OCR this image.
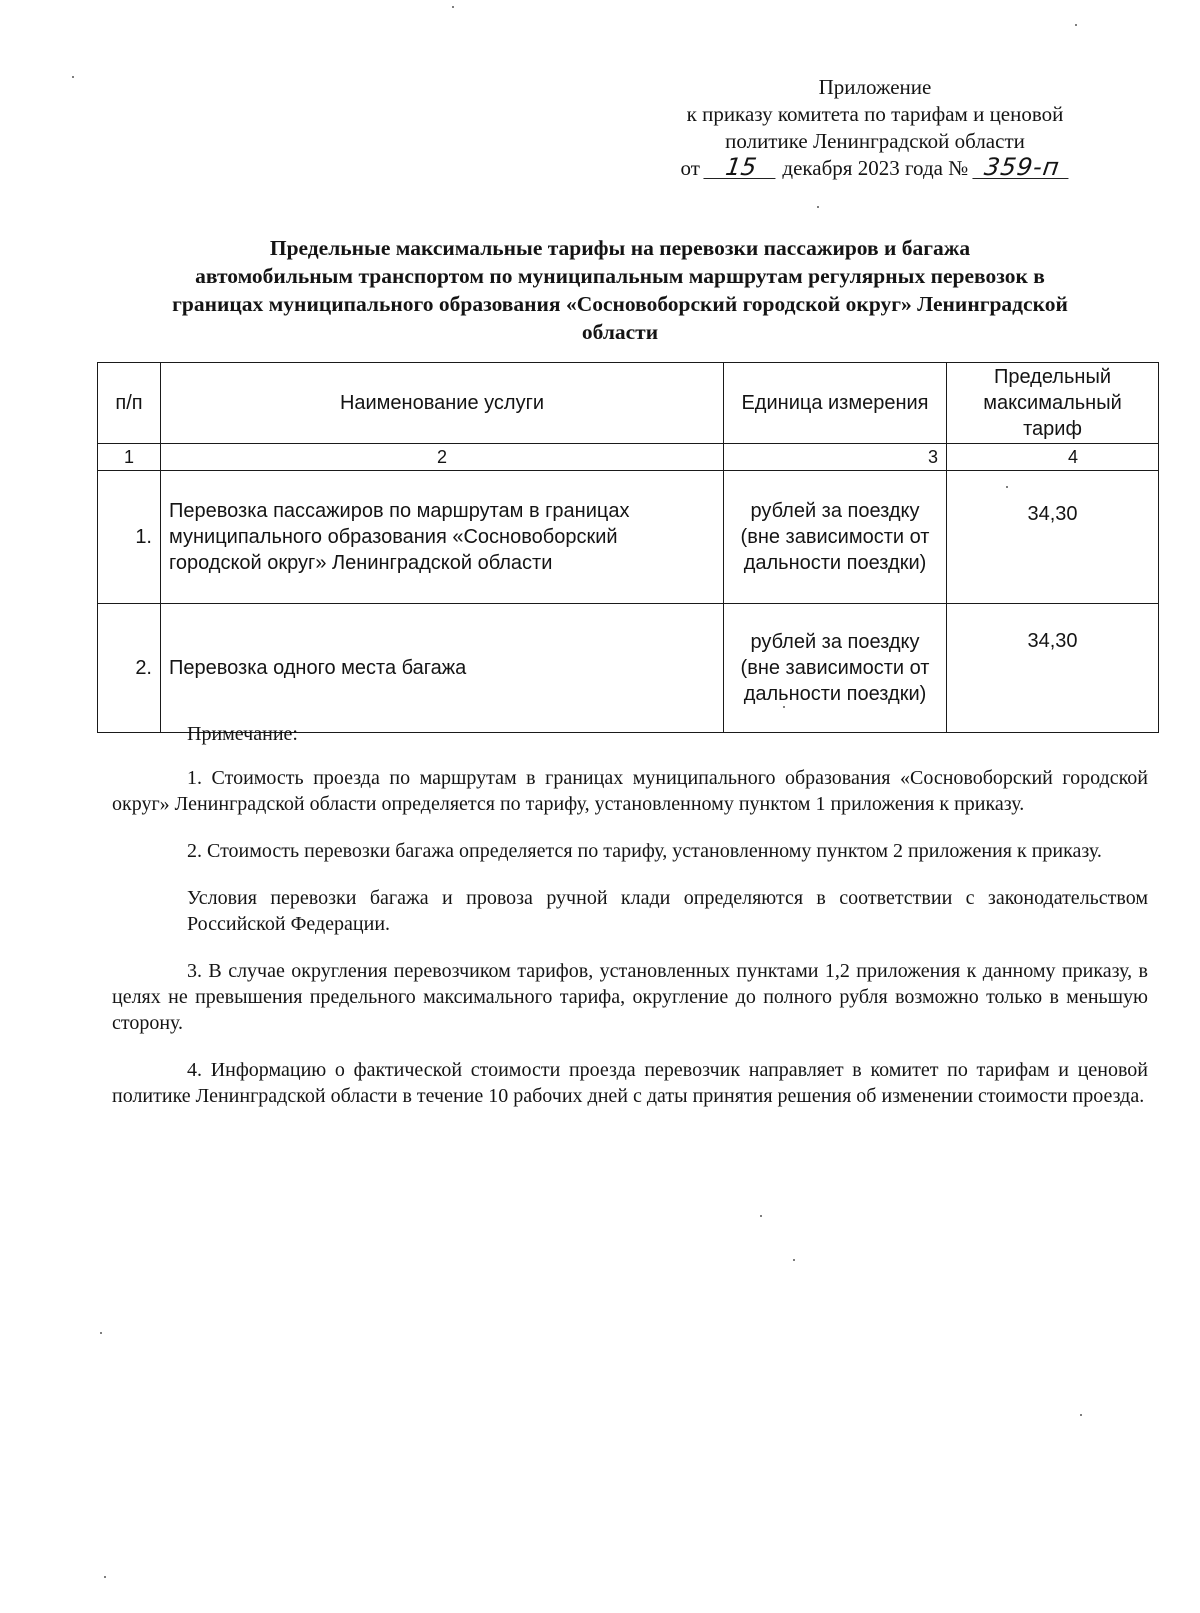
Приложение
к приказу комитета по тарифам и ценовой
политике Ленинградской области
от 15 декабря 2023 года № 359-п
Предельные максимальные тарифы на перевозки пассажиров и багажа
автомобильным транспортом по муниципальным маршрутам регулярных перевозок в
границах муниципального образования «Сосновоборский городской округ» Ленинградской
области
п/п	Наименование услуги	Единица измерения	Предельный максимальный тариф
1	2	3	4
1.	Перевозка пассажиров по маршрутам в границах муниципального образования «Сосновоборский городской округ» Ленинградской области	рублей за поездку (вне зависимости от дальности поездки)	34,30
2.	Перевозка одного места багажа	рублей за поездку (вне зависимости от дальности поездки)	34,30

Примечание:

1. Стоимость проезда по маршрутам в границах муниципального образования «Сосновоборский городской округ» Ленинградской области определяется по тарифу, установленному пунктом 1 приложения к приказу.

2. Стоимость перевозки багажа определяется по тарифу, установленному пунктом 2 приложения к приказу.

Условия перевозки багажа и провоза ручной клади определяются в соответствии с законодательством Российской Федерации.

3. В случае округления перевозчиком тарифов, установленных пунктами 1,2 приложения к данному приказу, в целях не превышения предельного максимального тарифа, округление до полного рубля возможно только в меньшую сторону.

4. Информацию о фактической стоимости проезда перевозчик направляет в комитет по тарифам и ценовой политике Ленинградской области в течение 10 рабочих дней с даты принятия решения об изменении стоимости проезда.
